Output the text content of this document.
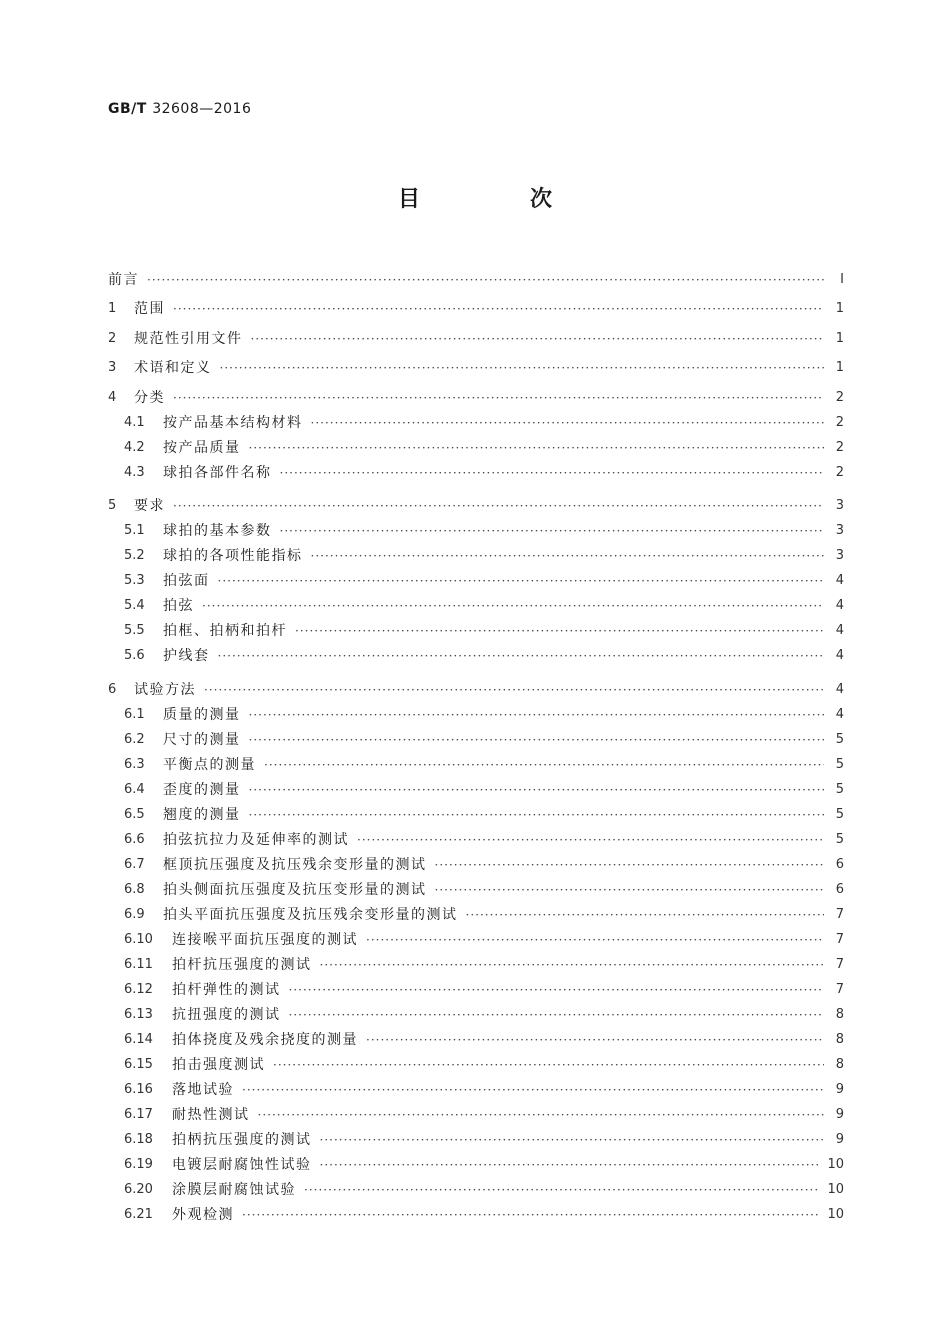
GB/T 32608—2016
目　次
前言 ·····	Ⅰ
1	范围 ·····	1
2	规范性引用文件 ·····	1
3	术语和定义 ·····	1
4	分类 ·····	2
4.1	按产品基本结构材料 ·····	2
4.2	按产品质量 ·····	2
4.3	球拍各部件名称 ·····	2
5	要求 ·····	3
5.1	球拍的基本参数 ·····	3
5.2	球拍的各项性能指标 ·····	3
5.3	拍弦面 ·····	4
5.4	拍弦 ·····	4
5.5	拍框、拍柄和拍杆 ·····	4
5.6	护线套 ·····	4
6	试验方法 ·····	4
6.1	质量的测量 ·····	4
6.2	尺寸的测量 ·····	5
6.3	平衡点的测量 ·····	5
6.4	歪度的测量 ·····	5
6.5	翘度的测量 ·····	5
6.6	拍弦抗拉力及延伸率的测试 ·····	5
6.7	框顶抗压强度及抗压残余变形量的测试 ·····	6
6.8	拍头侧面抗压强度及抗压变形量的测试 ·····	6
6.9	拍头平面抗压强度及抗压残余变形量的测试 ·····	7
6.10	连接喉平面抗压强度的测试 ·····	7
6.11	拍杆抗压强度的测试 ·····	7
6.12	拍杆弹性的测试 ·····	7
6.13	抗扭强度的测试 ·····	8
6.14	拍体挠度及残余挠度的测量 ·····	8
6.15	拍击强度测试 ·····	8
6.16	落地试验 ·····	9
6.17	耐热性测试 ·····	9
6.18	拍柄抗压强度的测试 ·····	9
6.19	电镀层耐腐蚀性试验 ·····	10
6.20	涂膜层耐腐蚀试验 ·····	10
6.21	外观检测 ·····	10
